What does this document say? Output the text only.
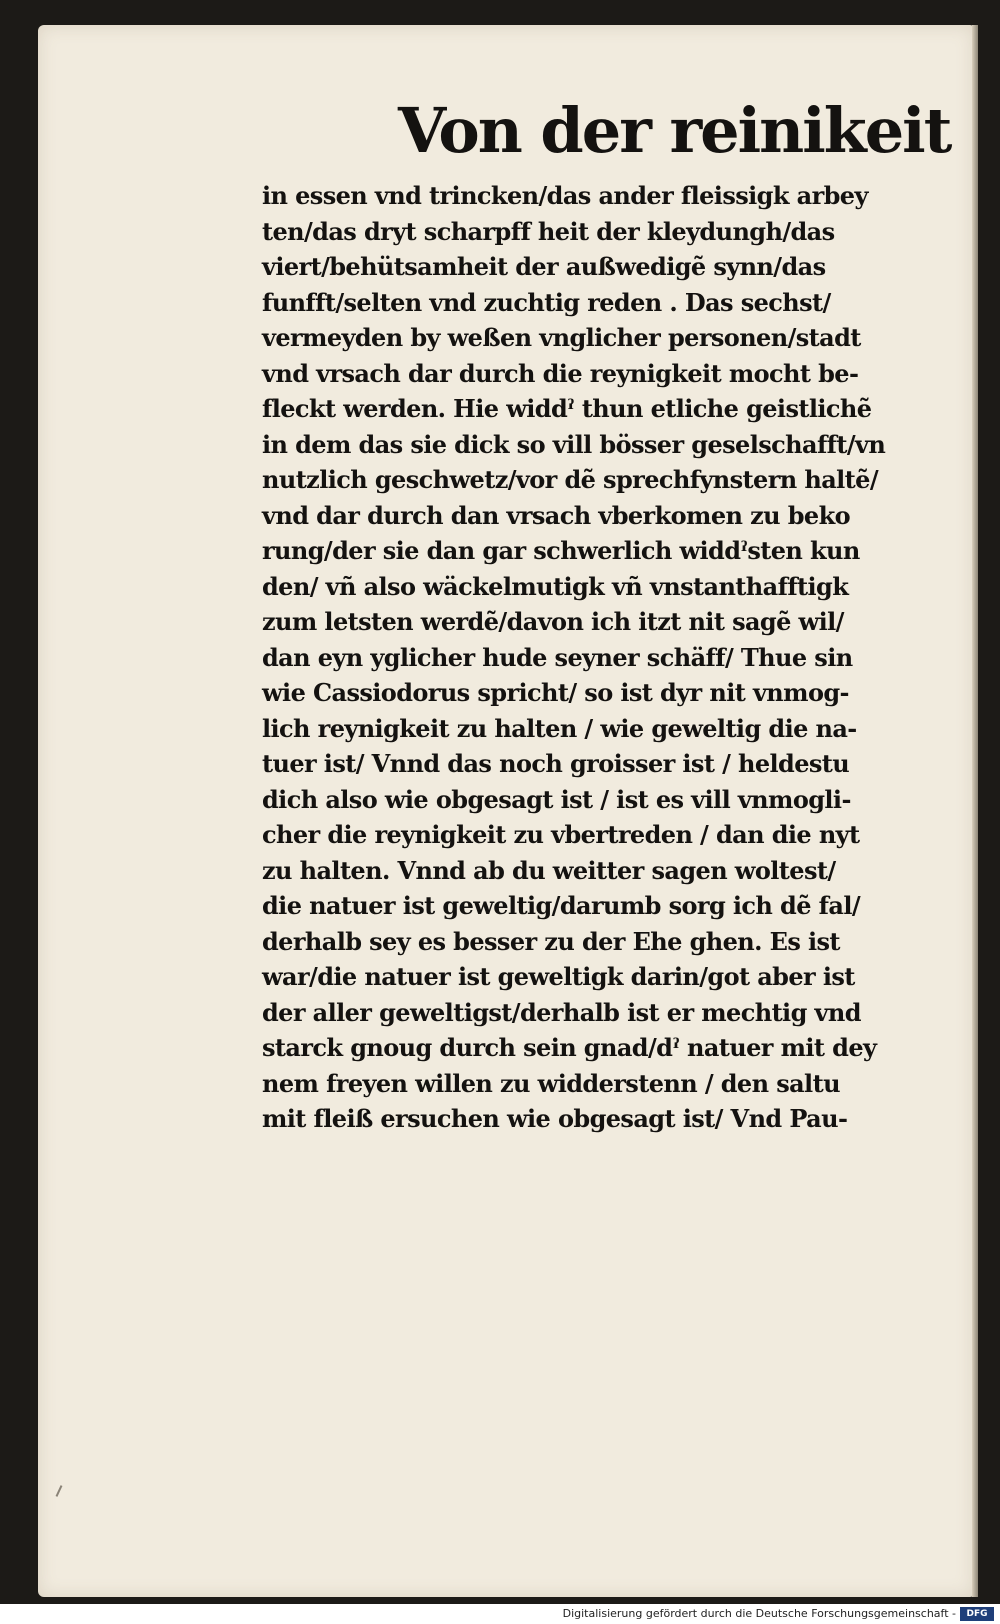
Von der reinikeit
in essen vnd trincken/das ander fleissigk arbey
ten/das dryt scharpff heit der kleydungh/das
viert/behütsamheit der außwedigẽ synn/das
funfft/selten vnd zuchtig reden . Das sechst/
vermeyden by weßen vnglicher personen/stadt
vnd vrsach dar durch die reynigkeit mocht be-
fleckt werden. Hie widdˀ thun etliche geistlichẽ
in dem das sie dick so vill bösser geselschafft/vn
nutzlich geschwetz/vor dẽ sprechfynstern haltẽ/
vnd dar durch dan vrsach vberkomen zu beko
rung/der sie dan gar schwerlich widdˀsten kun
den/ vñ also wäckelmutigk vñ vnstanthafftigk
zum letsten werdẽ/davon ich itzt nit sagẽ wil/
dan eyn yglicher hude seyner schäff/ Thue sin
wie Cassiodorus spricht/ so ist dyr nit vnmog-
lich reynigkeit zu halten / wie geweltig die na-
tuer ist/ Vnnd das noch groisser ist / heldestu
dich also wie obgesagt ist / ist es vill vnmogli-
cher die reynigkeit zu vbertreden / dan die nyt
zu halten. Vnnd ab du weitter sagen woltest/
die natuer ist geweltig/darumb sorg ich dẽ fal/
derhalb sey es besser zu der Ehe ghen. Es ist
war/die natuer ist geweltigk darin/got aber ist
der aller geweltigst/derhalb ist er mechtig vnd
starck gnoug durch sein gnad/dˀ natuer mit dey
nem freyen willen zu widderstenn / den saltu
mit fleiß ersuchen wie obgesagt ist/ Vnd Pau-
Digitalisierung gefördert durch die Deutsche Forschungsgemeinschaft -	DFG
